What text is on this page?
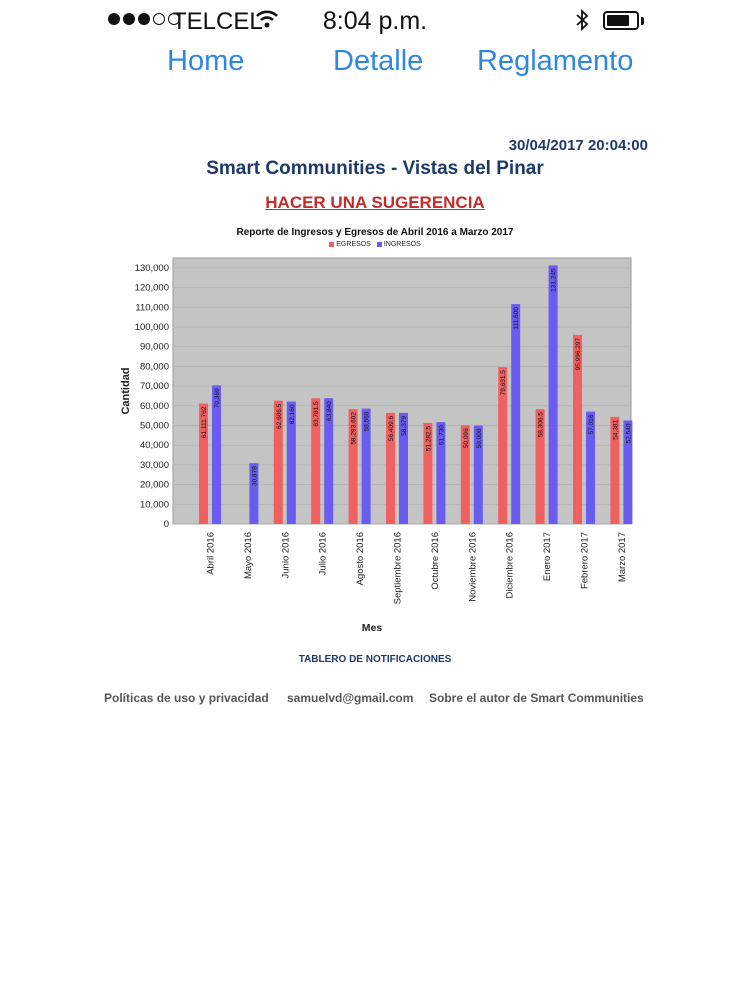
TELCEL	8:04 p.m.
Home	Detalle Reglamento
30/04/2017 20:04:00
Smart Communities - Vistas del Pinar
HACER UNA SUGERENCIA
Reporte de Ingresos y Egresos de Abril 2016 a Marzo 2017
EGRESOS INGRESOS
0
10,000
20,000
30,000
40,000
50,000
60,000
70,000
80,000
90,000
100,000
110,000
120,000
130,000
Cantidad
61,111.762
70,369
Abril 2016
30,878
Mayo 2016
62,606.5 62,160
Junio 2016
63,781.5 63,840
Julio 2016
58,293.602 58,560
Agosto 2016
56,409.6 56,379
Septiembre 2016
51,282.5 51,730
Octubre 2016
50,096 50,000
Noviembre 2016
79,631.5
111,600
Diciembre 2016
58,306.5
131,245
Enero 2017
95,996.297
57,016
Febrero 2017
54,381 52,540
Marzo 2017
Mes
TABLERO DE NOTIFICACIONES
Políticas de uso y privacidad samuelvd@gmail.com Sobre el autor de Smart Communities
